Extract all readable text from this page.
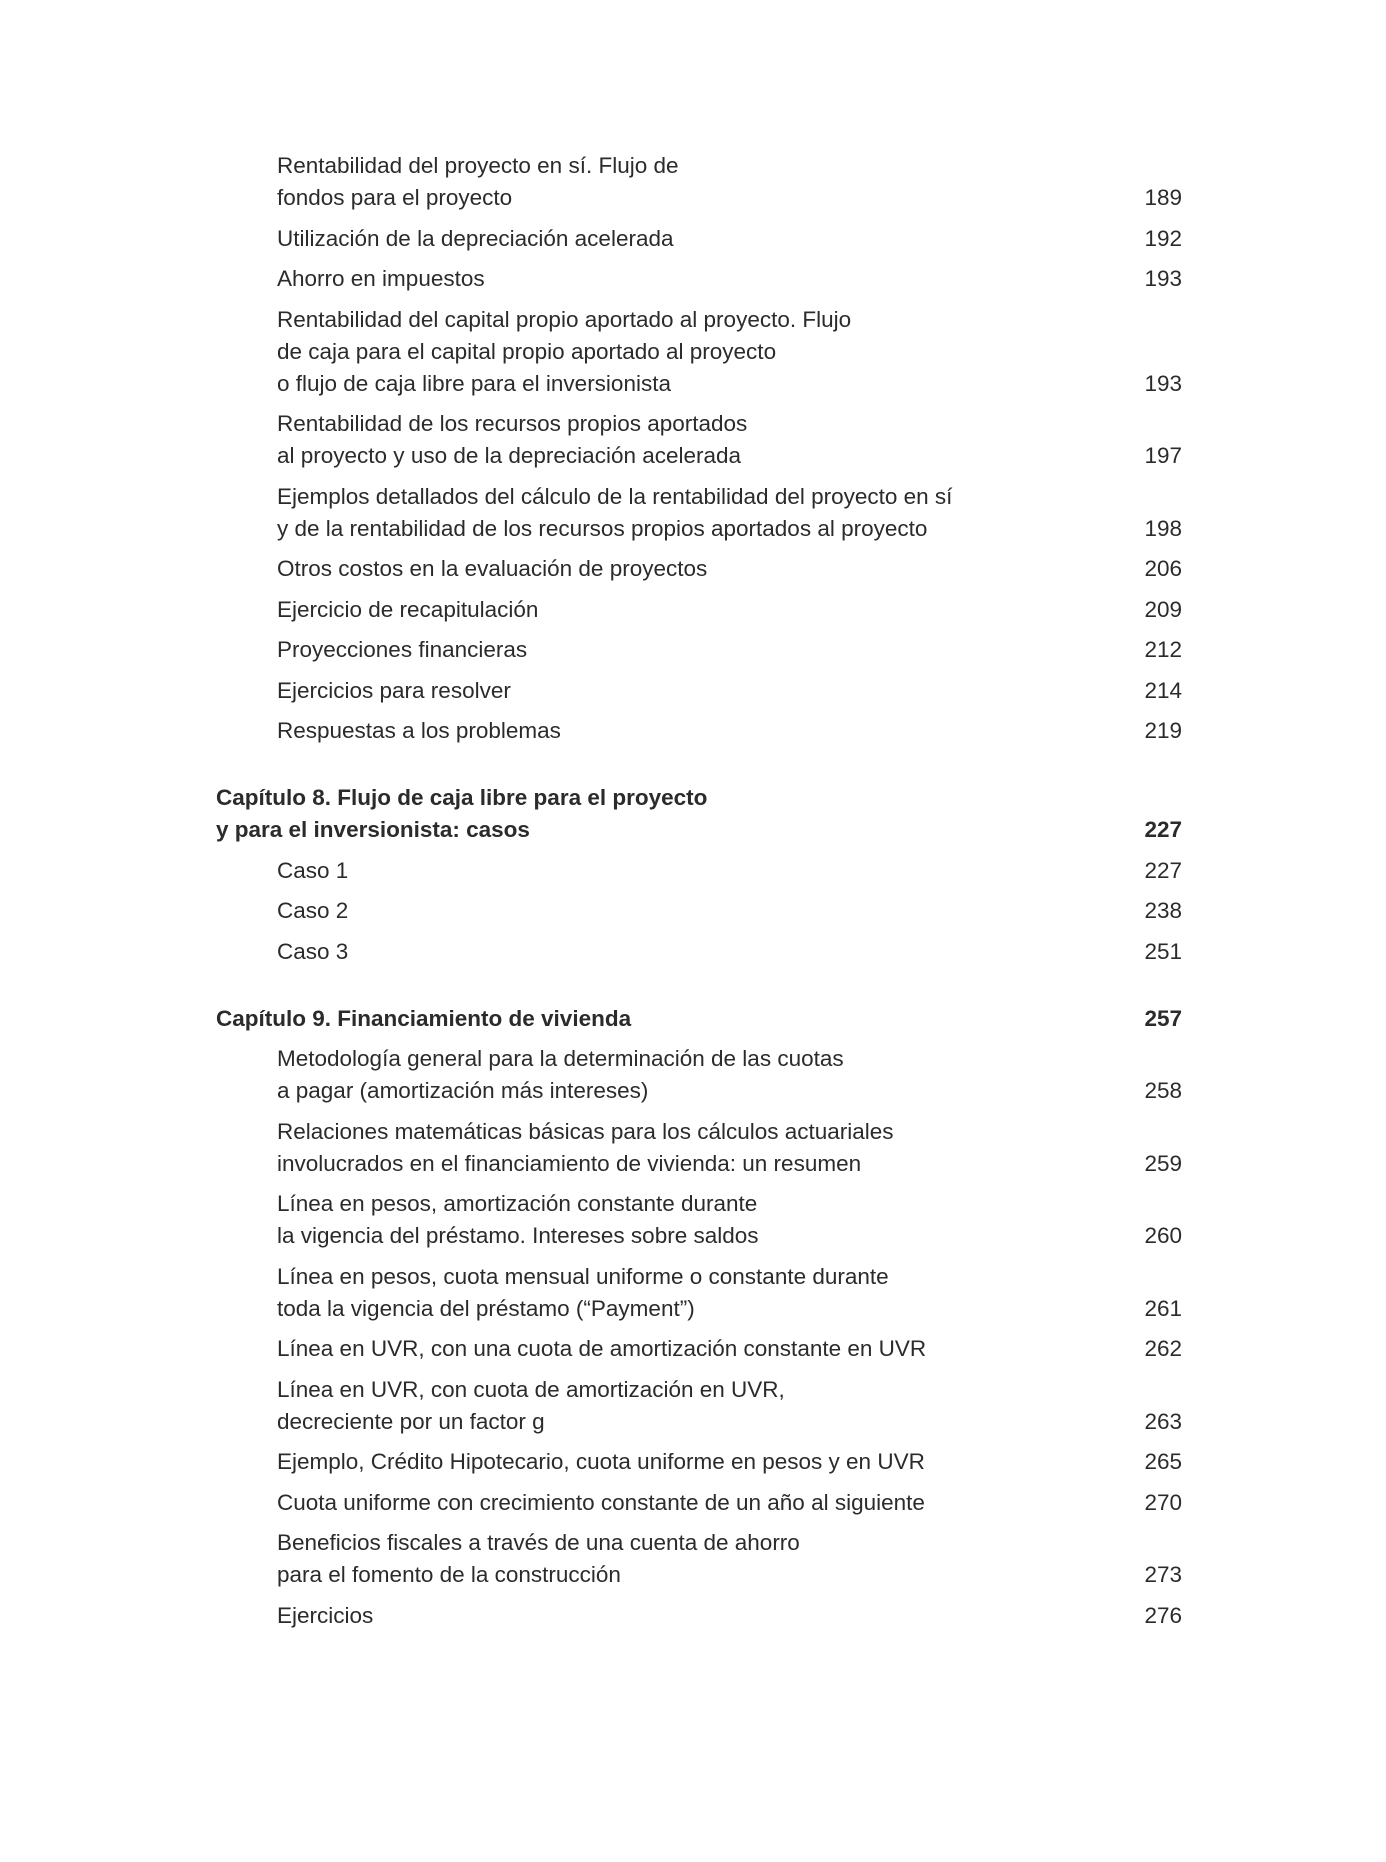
Rentabilidad del proyecto en sí. Flujo de
fondos para el proyecto	189
Utilización de la depreciación acelerada	192
Ahorro en impuestos	193
Rentabilidad del capital propio aportado al proyecto. Flujo
de caja para el capital propio aportado al proyecto
o flujo de caja libre para el inversionista	193
Rentabilidad de los recursos propios aportados
al proyecto y uso de la depreciación acelerada	197
Ejemplos detallados del cálculo de la rentabilidad del proyecto en sí
y de la rentabilidad de los recursos propios aportados al proyecto	198
Otros costos en la evaluación de proyectos	206
Ejercicio de recapitulación	209
Proyecciones financieras	212
Ejercicios para resolver	214
Respuestas a los problemas	219
Capítulo 8. Flujo de caja libre para el proyecto
y para el inversionista: casos	227
Caso 1	227
Caso 2	238
Caso 3	251
Capítulo 9. Financiamiento de vivienda	257
Metodología general para la determinación de las cuotas
a pagar (amortización más intereses)	258
Relaciones matemáticas básicas para los cálculos actuariales
involucrados en el financiamiento de vivienda: un resumen	259
Línea en pesos, amortización constante durante
la vigencia del préstamo. Intereses sobre saldos	260
Línea en pesos, cuota mensual uniforme o constante durante
toda la vigencia del préstamo (“Payment”)	261
Línea en UVR, con una cuota de amortización constante en UVR	262
Línea en UVR, con cuota de amortización en UVR,
decreciente por un factor g	263
Ejemplo, Crédito Hipotecario, cuota uniforme en pesos y en UVR	265
Cuota uniforme con crecimiento constante de un año al siguiente	270
Beneficios fiscales a través de una cuenta de ahorro
para el fomento de la construcción	273
Ejercicios	276
